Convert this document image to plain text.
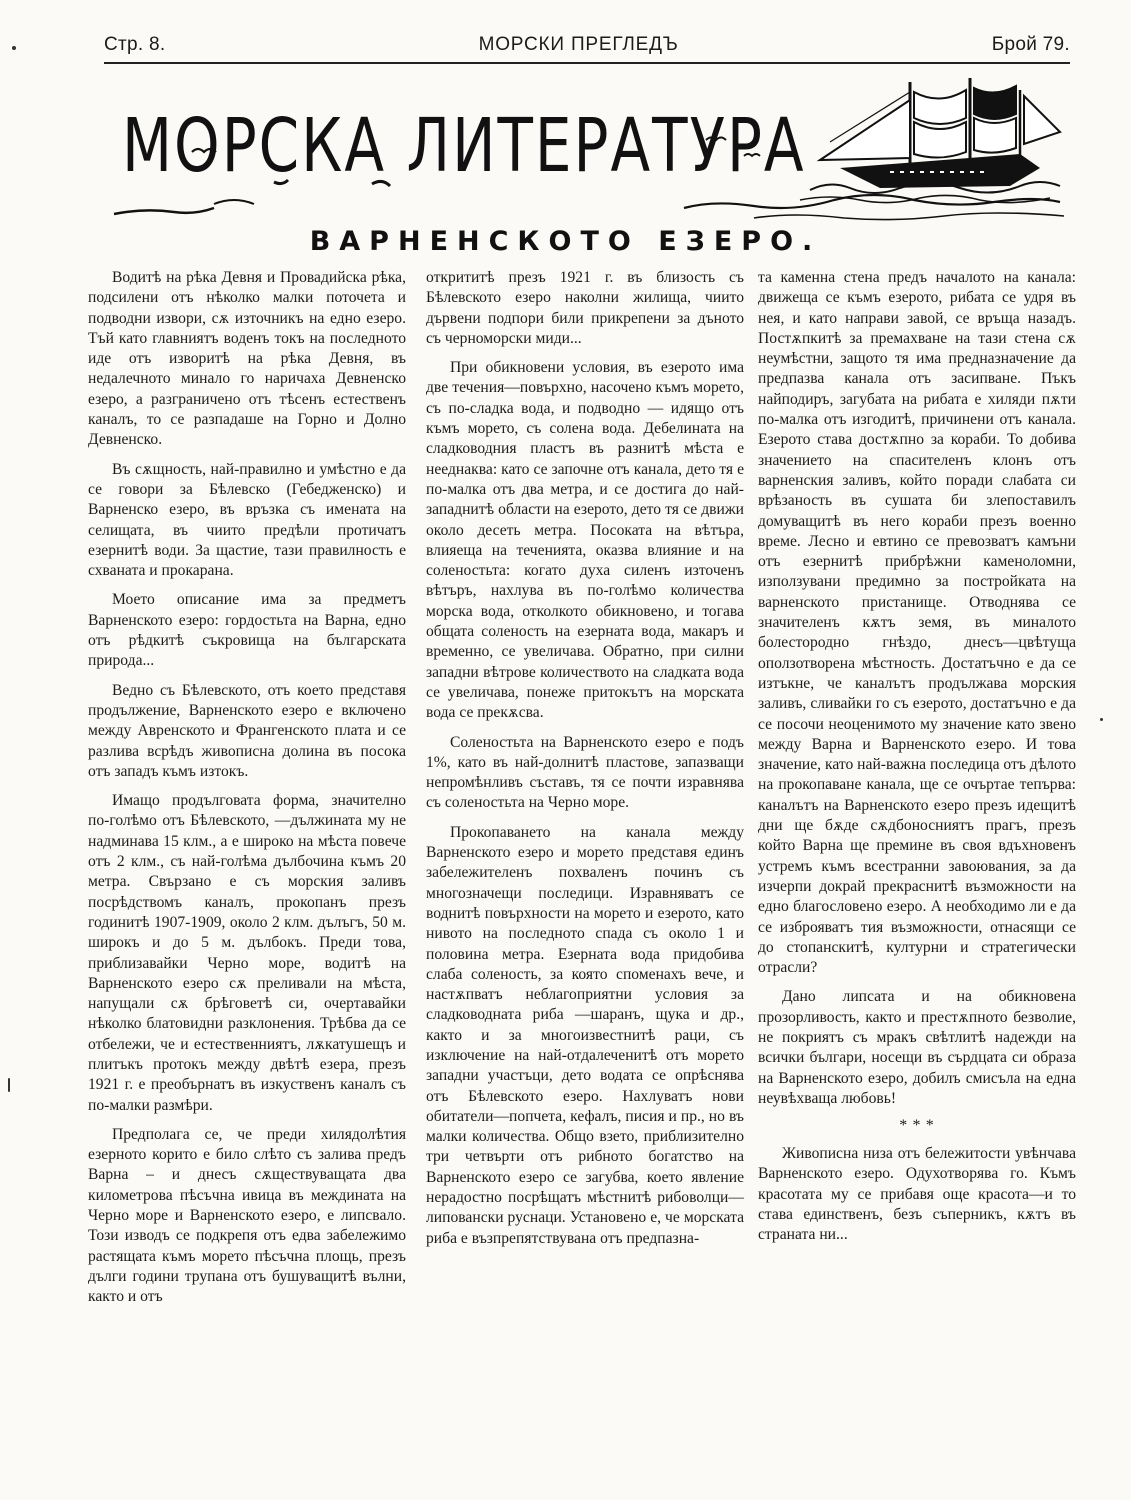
Стр. 8.	МОРСКИ ПРЕГЛЕДЪ	Брой 79.
МОРСКА ЛИТЕРАТУРА
ВАРНЕНСКОТО ЕЗЕРО.

Водитѣ на рѣка Девня и Провадийска рѣка, подсилени отъ нѣколко малки поточета и подводни извори, сѫ източникъ на едно езеро. Тъй като главниятъ воденъ токъ на последното иде отъ изворитѣ на рѣка Девня, въ недалечното минало го наричаха Девненско езеро, а разграничено отъ тѣсенъ естественъ каналъ, то се разпадаше на Горно и Долно Девненско.

Въ сѫщность, най-правилно и умѣстно е да се говори за Бѣлевско (Гебедженско) и Варненско езеро, въ връзка съ имената на селищата, въ чиито предѣли протичатъ езернитѣ води. За щастие, тази правилность е схваната и прокарана.

Моето описание има за предметъ Варненското езеро: гордостьта на Варна, едно отъ рѣдкитѣ съкровища на българската природа...

Ведно съ Бѣлевското, отъ което представя продължение, Варненското езеро е включено между Авренското и Франгенското плата и се разлива всрѣдъ живописна долина въ посока отъ западъ къмъ изтокъ.

Имащо продълговата форма, значително по-голѣмо отъ Бѣлевското, —дължината му не надминава 15 клм., а е широко на мѣста повече отъ 2 клм., съ най-голѣма дълбочина къмъ 20 метра. Свързано е съ морския заливъ посрѣдствомъ каналъ, прокопанъ презъ годинитѣ 1907-1909, около 2 клм. дълъгъ, 50 м. широкъ и до 5 м. дълбокъ. Преди това, приблизавайки Черно море, водитѣ на Варненското езеро сѫ преливали на мѣста, напущали сѫ брѣговетѣ си, очертавайки нѣколко блатовидни разклонения. Трѣбва да се отбележи, че и естественниятъ, лѫкатушещъ и плитъкъ протокъ между двѣтѣ езера, презъ 1921 г. е преобърнатъ въ изкуственъ каналъ съ по-малки размѣри.

Предполага се, че преди хилядолѣтия езерното корито е било слѣто съ залива предъ Варна – и днесъ сѫществуващата два километрова пѣсъчна ивица въ междината на Черно море и Варненското езеро, е липсвало. Този изводъ се подкрепя отъ едва забележимо растящата къмъ морето пѣсъчна площь, презъ дълги години трупана отъ бушуващитѣ вълни, както и отъ

открититѣ презъ 1921 г. въ близость съ Бѣлевското езеро наколни жилища, чиито дървени подпори били прикрепени за дъното съ черноморски миди...

При обикновени условия, въ езерото има две течения—повърхно, насочено къмъ морето, съ по-сладка вода, и подводно — идящо отъ къмъ морето, съ солена вода. Дебелината на сладководния пластъ въ разнитѣ мѣста е нееднаква: като се започне отъ канала, дето тя е по-малка отъ два метра, и се достига до най-западнитѣ области на езерото, дето тя се движи около десеть метра. Посоката на вѣтъра, влияеща на теченията, оказва влияние и на соленостьта: когато духа силенъ източенъ вѣтъръ, нахлува въ по-голѣмо количества морска вода, отколкото обикновено, и тогава общата соленость на езерната вода, макаръ и временно, се увеличава. Обратно, при силни западни вѣтрове количеството на сладката вода се увеличава, понеже притокътъ на морската вода се прекѫсва.

Соленостьта на Варненското езеро е подъ 1%, като въ най-долнитѣ пластове, запазващи непромѣнливъ съставъ, тя се почти изравнява съ соленостьта на Черно море.

Прокопаването на канала между Варненското езеро и морето представя единъ забележителенъ похваленъ починъ съ многозначещи последици. Изравняватъ се воднитѣ повърхности на морето и езерото, като нивото на последното спада съ около 1 и половина метра. Езерната вода придобива слаба соленость, за която споменахъ вече, и настѫпватъ неблагоприятни условия за сладководната риба —шаранъ, щука и др., както и за многоизвестнитѣ раци, съ изключение на най-отдалеченитѣ отъ морето западни участъци, дето водата се опрѣснява отъ Бѣлевското езеро. Нахлуватъ нови обитатели—попчета, кефалъ, писия и пр., но въ малки количества. Общо взето, приблизително три четвърти отъ рибното богатство на Варненското езеро се загубва, което явление нерадостно посрѣщатъ мѣстнитѣ рибоволци—липовански руснаци. Установено е, че морската риба е възпрепятствувана отъ предпазна-

та каменна стена предъ началото на канала: движеща се къмъ езерото, рибата се удря въ нея, и като направи завой, се връща назадъ. Постѫпкитѣ за премахване на тази стена сѫ неумѣстни, защото тя има предназначение да предпазва канала отъ засипване. Пъкъ найподиръ, загубата на рибата е хиляди пѫти по-малка отъ изгодитѣ, причинени отъ канала. Езерото става достѫпно за кораби. То добива значението на спасителенъ клонъ отъ варненския заливъ, който поради слабата си врѣзаность въ сушата би злепоставилъ домуващитѣ въ него кораби презъ военно време. Лесно и евтино се превозватъ камъни отъ езернитѣ прибрѣжни каменоломни, използувани предимно за постройката на варненското пристанище. Отводнява се значителенъ кѫтъ земя, въ миналото болестородно гнѣздо, днесъ—цвѣтуща оползотворена мѣстность. Достатъчно е да се изтъкне, че каналътъ продължава морския заливъ, сливайки го съ езерото, достатъчно е да се посочи неоценимото му значение като звено между Варна и Варненското езеро. И това значение, като най-важна последица отъ дѣлото на прокопаване канала, ще се очъртае тепърва: каналътъ на Варненското езеро презъ идещитѣ дни ще бѫде сѫдбоносниятъ прагъ, презъ който Варна ще премине въ своя вдъхновенъ устремъ къмъ всестранни завоювания, за да изчерпи докрай прекраснитѣ възможности на едно благословено езеро. А необходимо ли е да се изброяватъ тия възможности, отнасящи се до стопанскитѣ, културни и стратегически отрасли?

Дано липсата и на обикновена прозорливость, както и престѫпното безволие, не покриятъ съ мракъ свѣтлитѣ надежди на всички българи, носещи въ сърдцата си образа на Варненското езеро, добилъ смисъла на една неувѣхваща любовь!

* * *

Живописна низа отъ бележитости увѣнчава Варненското езеро. Одухотворява го. Къмъ красотата му се прибавя още красота—и то става единственъ, безъ съперникъ, кѫтъ въ страната ни...
